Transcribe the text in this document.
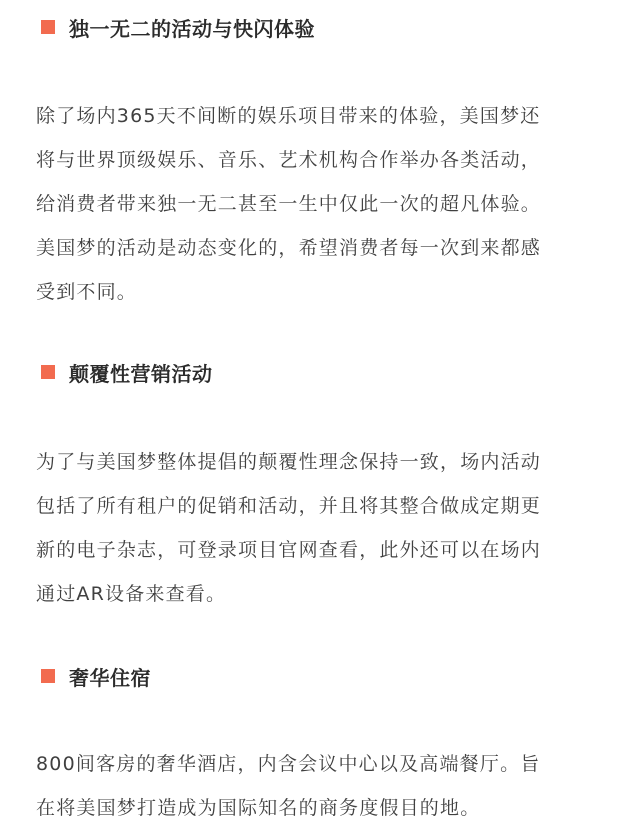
独一无二的活动与快闪体验
除了场内365天不间断的娱乐项目带来的体验，美国梦还
将与世界顶级娱乐、音乐、艺术机构合作举办各类活动，
给消费者带来独一无二甚至一生中仅此一次的超凡体验。
美国梦的活动是动态变化的，希望消费者每一次到来都感
受到不同。
颠覆性营销活动
为了与美国梦整体提倡的颠覆性理念保持一致，场内活动
包括了所有租户的促销和活动，并且将其整合做成定期更
新的电子杂志，可登录项目官网查看，此外还可以在场内
通过AR设备来查看。
奢华住宿
800间客房的奢华酒店，内含会议中心以及高端餐厅。旨
在将美国梦打造成为国际知名的商务度假目的地。
